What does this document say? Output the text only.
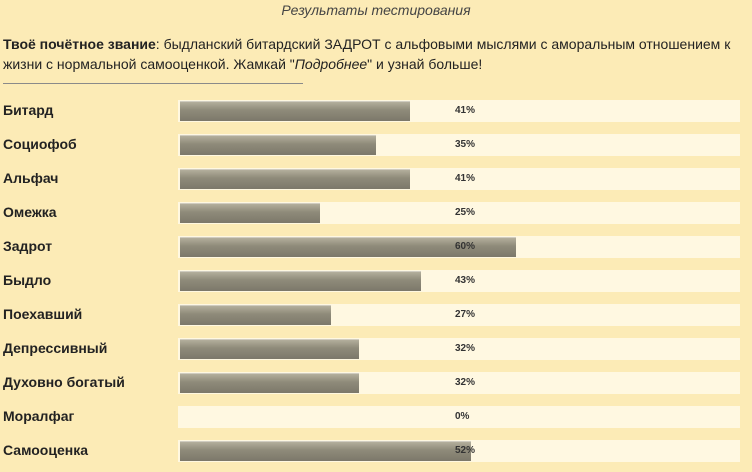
Результаты тестирования
Твоё почётное звание: быдланский битардский ЗАДРОТ с альфовыми мыслями с аморальным отношением к жизни с нормальной самооценкой. Жамкай "Подробнее" и узнай больше!
Битард	41%
Социофоб	35%
Альфач	41%
Омежка	25%
Задрот	60%
Быдло	43%
Поехавший	27%
Депрессивный	32%
Духовно богатый	32%
Моралфаг	0%
Самооценка	52%
